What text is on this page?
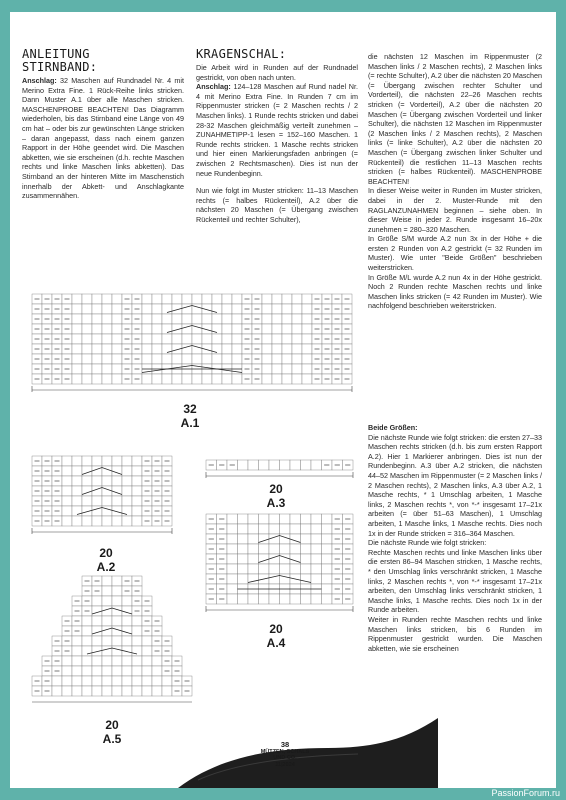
ANLEITUNG
STIRNBAND:

Anschlag: 32 Maschen auf Rundnadel Nr. 4 mit Merino Extra Fine. 1 Rück-Reihe links stricken. Dann Muster A.1 über alle Maschen stricken. MASCHENPROBE BEACHTEN! Das Diagramm wiederholen, bis das Stirnband eine Länge von 49 cm hat – oder bis zur gewünschten Länge stricken – daran angepasst, dass nach einem ganzen Rapport in der Höhe geendet wird. Die Maschen abketten, wie sie erscheinen (d.h. rechte Maschen rechts und linke Maschen links abketten). Das Stirnband an der hinteren Mitte im Maschenstich innerhalb der Abkett- und Anschlagkante zusammennähen.

KRAGENSCHAL:

Die Arbeit wird in Runden auf der Rundnadel gestrickt, von oben nach unten.

Anschlag: 124–128 Maschen auf Rund nadel Nr. 4 mit Merino Extra Fine. In Runden 7 cm im Rippenmuster stricken (= 2 Maschen rechts / 2 Maschen links). 1 Runde rechts stricken und dabei 28-32 Maschen gleichmäßig verteilt zunehmen – ZUNAHMETIPP-1 lesen = 152–160 Maschen. 1 Runde rechts stricken. 1 Masche rechts stricken und hier einen Markierungsfaden anbringen (= zwischen 2 Rechtsmaschen). Dies ist nun der neue Rundenbeginn.

Nun wie folgt im Muster stricken: 11–13 Maschen rechts (= halbes Rückenteil), A.2 über die nächsten 20 Maschen (= Übergang zwischen Rückenteil und rechter Schulter),

die nächsten 12 Maschen im Rippenmuster (2 Maschen links / 2 Maschen rechts), 2 Maschen links (= rechte Schulter), A.2 über die nächsten 20 Maschen (= Übergang zwischen rechter Schulter und Vorderteil), die nächsten 22–26 Maschen rechts stricken (= Vorderteil), A.2 über die nächsten 20 Maschen (= Übergang zwischen Vorderteil und linker Schulter), die nächsten 12 Maschen im Rippenmuster (2 Maschen links / 2 Maschen rechts), 2 Maschen links (= linke Schulter), A.2 über die nächsten 20 Maschen (= Übergang zwischen linker Schulter und Rückenteil) die restlichen 11–13 Maschen rechts stricken (= halbes Rückenteil). MASCHENPROBE BEACHTEN!

In dieser Weise weiter in Runden im Muster stricken, dabei in der 2. Muster-Runde mit den RAGLANZUNAHMEN beginnen – siehe oben. In dieser Weise in jeder 2. Runde insgesamt 16–20x zunehmen = 280–320 Maschen.

In Größe S/M wurde A.2 nun 3x in der Höhe + die ersten 2 Runden von A.2 gestrickt (= 32 Runden im Muster). Wie unter "Beide Größen" beschrieben weiterstricken.

In Größe M/L wurde A.2 nun 4x in der Höhe gestrickt. Noch 2 Runden rechte Maschen rechts und linke Maschen links stricken (= 42 Runden im Muster). Wie nachfolgend beschrieben weiterstricken.

Beide Größen:

Die nächste Runde wie folgt stricken: die ersten 27–33 Maschen rechts stricken (d.h. bis zum ersten Rapport A.2). Hier 1 Markierer anbringen. Dies ist nun der Rundenbeginn. A.3 über A.2 stricken, die nächsten 44–52 Maschen im Rippenmuster (= 2 Maschen links / 2 Maschen rechts), 2 Maschen links, A.3 über A.2, 1 Masche rechts, * 1 Umschlag arbeiten, 1 Masche links, 2 Maschen rechts *, von *-* insgesamt 17–21x arbeiten (= über 51–63 Maschen), 1 Umschlag arbeiten, 1 Masche links, 1 Masche rechts. Dies noch 1x in der Runde stricken = 316–364 Maschen.

Die nächste Runde wie folgt stricken:

Rechte Maschen rechts und linke Maschen links über die ersten 86–94 Maschen stricken, 1 Masche rechts, * den Umschlag links verschränkt stricken, 1 Masche links, 2 Maschen rechts *, von *-* insgesamt 17–21x arbeiten, den Umschlag links verschränkt stricken, 1 Masche links, 1 Masche rechts. Dies noch 1x in der Runde arbeiten.

Weiter in Runden rechte Maschen rechts und linke Maschen links stricken, bis 6 Runden im Rippenmuster gestrickt wurden. Die Maschen abketten, wie sie erscheinen

32
A.1
20
A.2
20
A.3
20
A.4
20
A.5	38
MÜTZEN, SCHALS
UND CO.
11|2024
PassionForum.ru
